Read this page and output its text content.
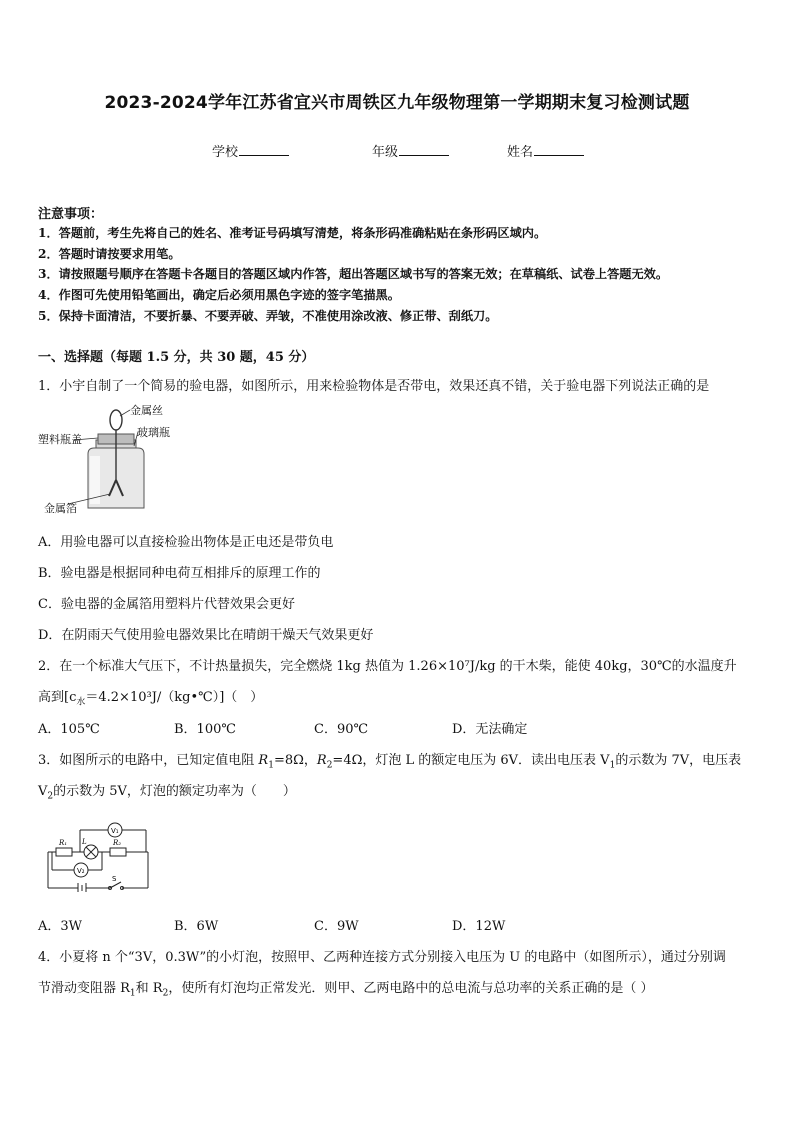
2023-2024学年江苏省宜兴市周铁区九年级物理第一学期期末复习检测试题
学校	年级	姓名
注意事项：
1．答题前，考生先将自己的姓名、准考证号码填写清楚，将条形码准确粘贴在条形码区域内。
2．答题时请按要求用笔。
3．请按照题号顺序在答题卡各题目的答题区域内作答，超出答题区域书写的答案无效；在草稿纸、试卷上答题无效。
4．作图可先使用铅笔画出，确定后必须用黑色字迹的签字笔描黑。
5．保持卡面清洁，不要折暴、不要弄破、弄皱，不准使用涂改液、修正带、刮纸刀。
一、选择题（每题 1.5 分，共 30 题，45 分）
1．小宇自制了一个简易的验电器，如图所示，用来检验物体是否带电，效果还真不错，关于验电器下列说法正确的是
金属丝
塑料瓶盖
玻璃瓶
金属箔
A．用验电器可以直接检验出物体是正电还是带负电
B．验电器是根据同种电荷互相排斥的原理工作的
C．验电器的金属箔用塑料片代替效果会更好
D．在阴雨天气使用验电器效果比在晴朗干燥天气效果更好
2．在一个标准大气压下，不计热量损失，完全燃烧 1kg 热值为 1.26×10⁷J/kg 的干木柴，能使 40kg，30℃的水温度升
高到$[c_水=4.2\times 10^3J/(kg•℃)]$（　）
A．105℃	B．100℃	C．90℃	D．无法确定
3．如图所示的电路中，已知定值电阻 $R_1=8\Omega$，$R_2=4\Omega$，灯泡 L 的额定电压为 6V．读出电压表 $V_1$的示数为 7V，电压表
$V_2$的示数为 5V，灯泡的额定功率为（　　）
V₁
V₂
R₁	R₂
L
S
A．3W	B．6W	C．9W	D．12W
4．小夏将 n 个“3V，0.3W”的小灯泡，按照甲、乙两种连接方式分别接入电压为 U 的电路中（如图所示），通过分别调
节滑动变阻器 $R_1$和 $R_2$，使所有灯泡均正常发光．则甲、乙两电路中的总电流与总功率的关系正确的是（ ）
